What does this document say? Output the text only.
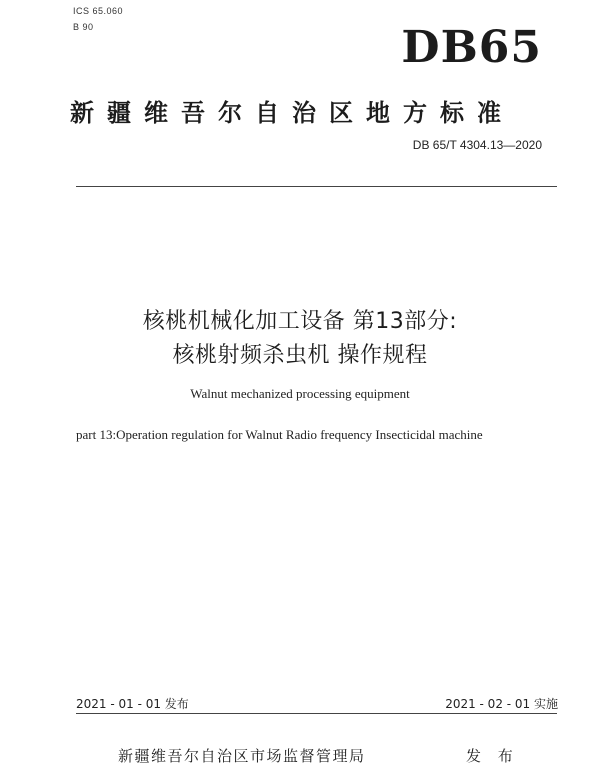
ICS 65.060
B 90	DB65
新疆维吾尔自治区地方标准
DB 65/T 4304.13—2020
核桃机械化加工设备 第13部分:
核桃射频杀虫机 操作规程
Walnut mechanized processing equipment
part 13:Operation regulation for Walnut Radio frequency Insecticidal machine
2021 - 01 - 01 发布	2021 - 02 - 01 实施
新疆维吾尔自治区市场监督管理局	发 布
